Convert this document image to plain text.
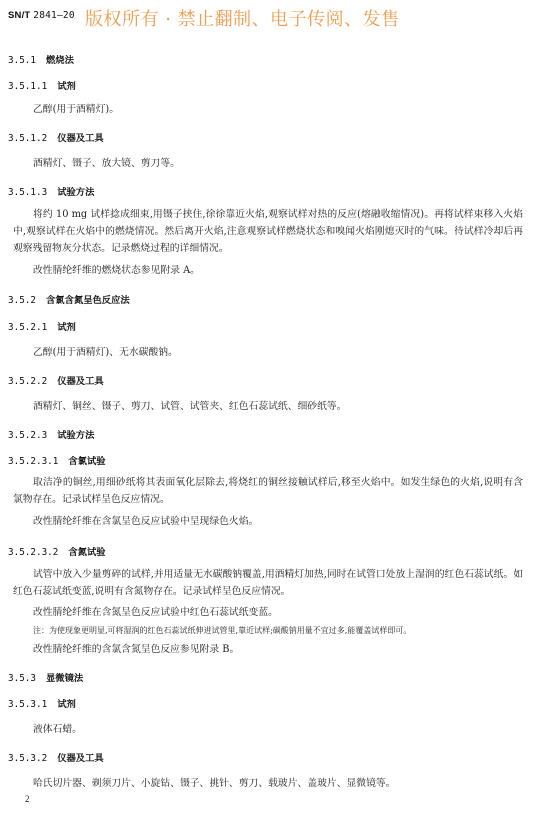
SN/T 2841—20 版权所有 · 禁止翻制、电子传阅、发售
3.5.1 燃烧法
3.5.1.1 试剂
乙醇(用于酒精灯)。
3.5.1.2 仪器及工具
酒精灯、镊子、放大镜、剪刀等。
3.5.1.3 试验方法
将约 10 mg 试样捻成细束,用镊子挟住,徐徐靠近火焰,观察试样对热的反应(熔融收缩情况)。再将试样束移入火焰中,观察试样在火焰中的燃烧情况。然后离开火焰,注意观察试样燃烧状态和嗅闻火焰刚熄灭时的气味。待试样冷却后再观察残留物灰分状态。记录燃烧过程的详细情况。
改性腈纶纤维的燃烧状态参见附录 A。
3.5.2 含氯含氮呈色反应法
3.5.2.1 试剂
乙醇(用于酒精灯)、无水碳酸钠。
3.5.2.2 仪器及工具
酒精灯、铜丝、镊子、剪刀、试管、试管夹、红色石蕊试纸、细砂纸等。
3.5.2.3 试验方法
3.5.2.3.1 含氯试验
取洁净的铜丝,用细砂纸将其表面氧化层除去,将烧红的铜丝接触试样后,移至火焰中。如发生绿色的火焰,说明有含氯物存在。记录试样呈色反应情况。
改性腈纶纤维在含氯呈色反应试验中呈现绿色火焰。
3.5.2.3.2 含氮试验
试管中放入少量剪碎的试样,并用适量无水碳酸钠覆盖,用酒精灯加热,同时在试管口处放上湿润的红色石蕊试纸。如红色石蕊试纸变蓝,说明有含氮物存在。记录试样呈色反应情况。
改性腈纶纤维在含氮呈色反应试验中红色石蕊试纸变蓝。
注：为使现象更明显,可将湿润的红色石蕊试纸伸进试管里,靠近试样;碳酸钠用量不宜过多,能覆盖试样即可。
改性腈纶纤维的含氯含氮呈色反应参见附录 B。
3.5.3 显微镜法
3.5.3.1 试剂
液体石蜡。
3.5.3.2 仪器及工具
哈氏切片器、剃须刀片、小旋钻、镊子、挑针、剪刀、载玻片、盖玻片、显微镜等。
2
